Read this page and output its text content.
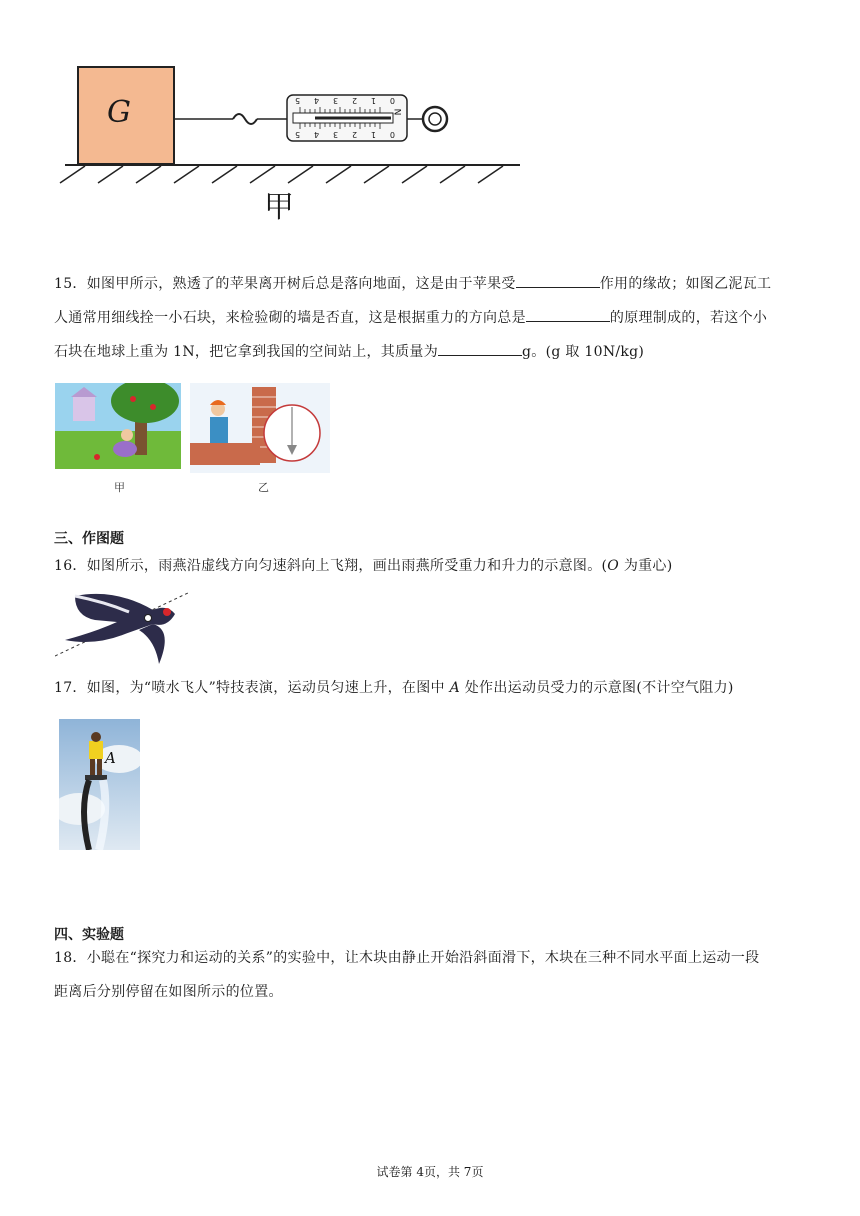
G	0
1
2
3
4
5
0
1
2
3
4
5
N
甲
15．如图甲所示，熟透了的苹果离开树后总是落向地面，这是由于苹果受	作用的缘故；如图乙泥瓦工
人通常用细线拴一小石块，来检验砌的墙是否直，这是根据重力的方向总是	的原理制成的，若这个小
石块在地球上重为 1N，把它拿到我国的空间站上，其质量为	g。(g 取 10N/kg)
甲	乙
三、作图题
16．如图所示，雨燕沿虚线方向匀速斜向上飞翔，画出雨燕所受重力和升力的示意图。(O 为重心)
17．如图，为“喷水飞人”特技表演，运动员匀速上升，在图中 A 处作出运动员受力的示意图(不计空气阻力)
A
四、实验题
18．小聪在“探究力和运动的关系”的实验中，让木块由静止开始沿斜面滑下，木块在三种不同水平面上运动一段
距离后分别停留在如图所示的位置。
试卷第 4页，共 7页
